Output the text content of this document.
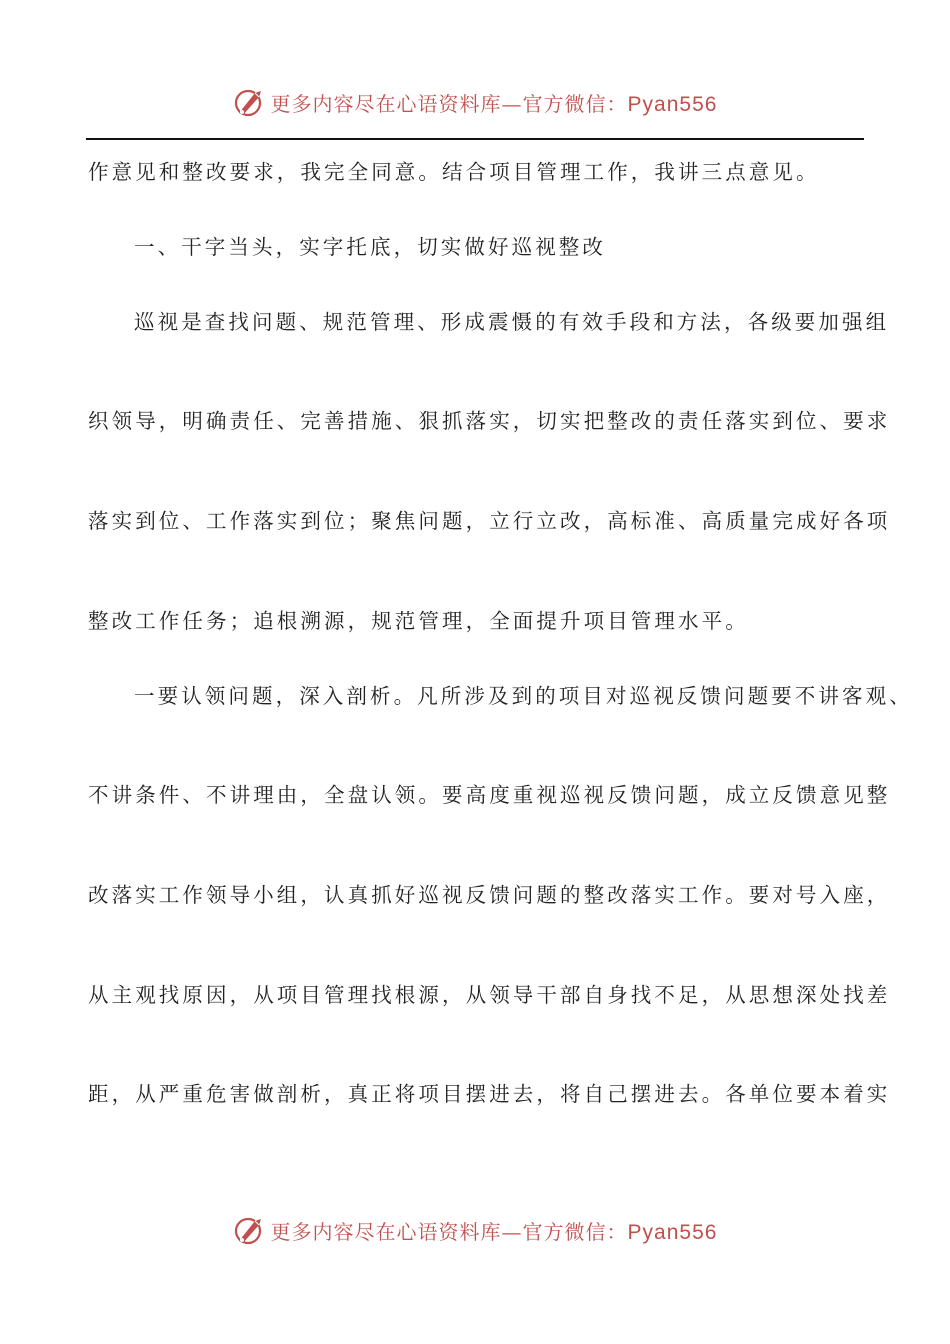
更多内容尽在心语资料库—官方微信：Pyan556
作意见和整改要求，我完全同意。结合项目管理工作，我讲三点意见。
一、干字当头，实字托底，切实做好巡视整改
巡视是查找问题、规范管理、形成震慑的有效手段和方法，各级要加强组
织领导，明确责任、完善措施、狠抓落实，切实把整改的责任落实到位、要求
落实到位、工作落实到位；聚焦问题，立行立改，高标准、高质量完成好各项
整改工作任务；追根溯源，规范管理，全面提升项目管理水平。
一要认领问题，深入剖析。凡所涉及到的项目对巡视反馈问题要不讲客观、
不讲条件、不讲理由，全盘认领。要高度重视巡视反馈问题，成立反馈意见整
改落实工作领导小组，认真抓好巡视反馈问题的整改落实工作。要对号入座，
从主观找原因，从项目管理找根源，从领导干部自身找不足，从思想深处找差
距，从严重危害做剖析，真正将项目摆进去，将自己摆进去。各单位要本着实
更多内容尽在心语资料库—官方微信：Pyan556
